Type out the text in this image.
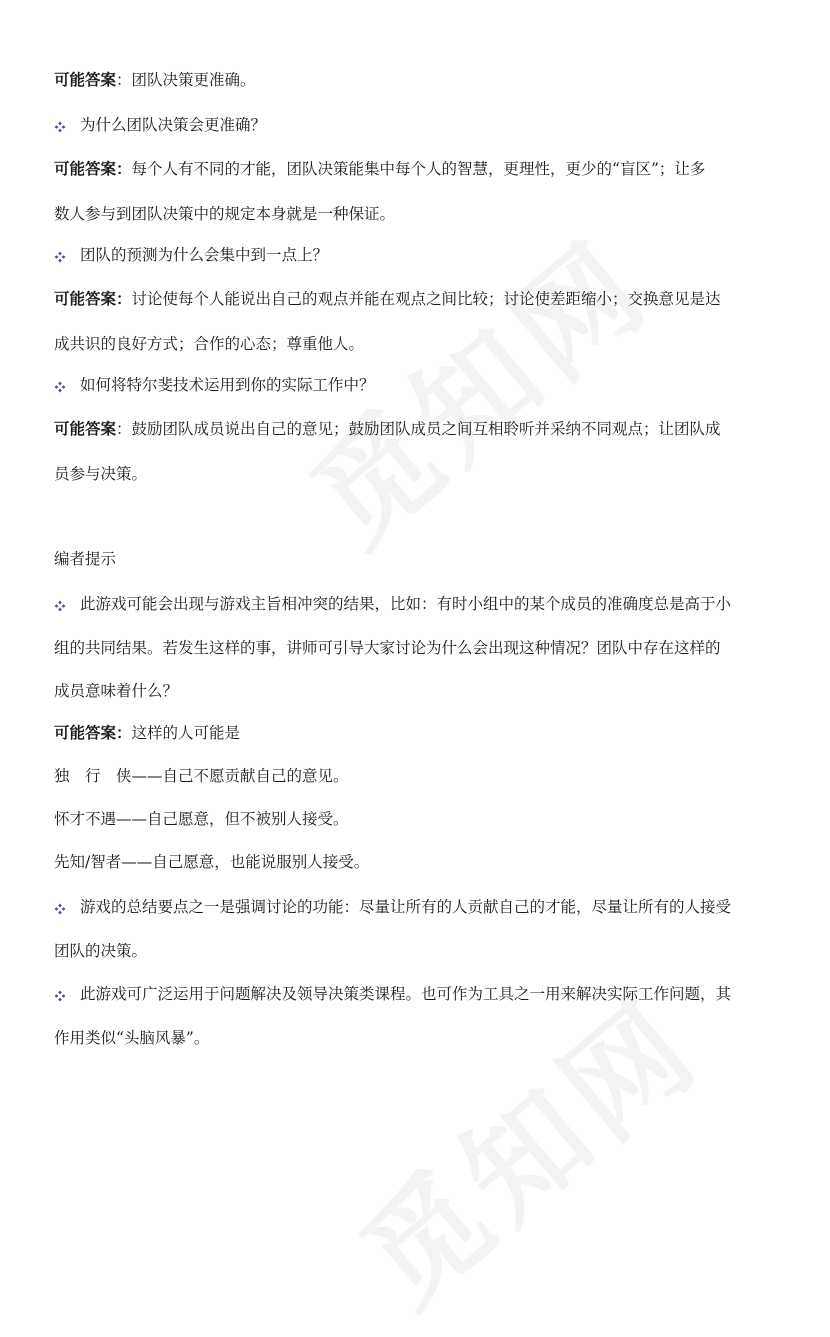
可能答案：团队决策更准确。
为什么团队决策会更准确？
可能答案：每个人有不同的才能，团队决策能集中每个人的智慧，更理性，更少的“盲区”；让多
数人参与到团队决策中的规定本身就是一种保证。
团队的预测为什么会集中到一点上？
可能答案：讨论使每个人能说出自己的观点并能在观点之间比较；讨论使差距缩小；交换意见是达
成共识的良好方式；合作的心态；尊重他人。
如何将特尔斐技术运用到你的实际工作中？
可能答案：鼓励团队成员说出自己的意见；鼓励团队成员之间互相聆听并采纳不同观点；让团队成
员参与决策。
编者提示
此游戏可能会出现与游戏主旨相冲突的结果，比如：有时小组中的某个成员的准确度总是高于小
组的共同结果。若发生这样的事，讲师可引导大家讨论为什么会出现这种情况？团队中存在这样的
成员意味着什么？
可能答案：这样的人可能是
独　行　侠——自己不愿贡献自己的意见。
怀才不遇——自己愿意，但不被别人接受。
先知/智者——自己愿意，也能说服别人接受。
游戏的总结要点之一是强调讨论的功能：尽量让所有的人贡献自己的才能，尽量让所有的人接受
团队的决策。
此游戏可广泛运用于问题解决及领导决策类课程。也可作为工具之一用来解决实际工作问题，其
作用类似“头脑风暴”。
